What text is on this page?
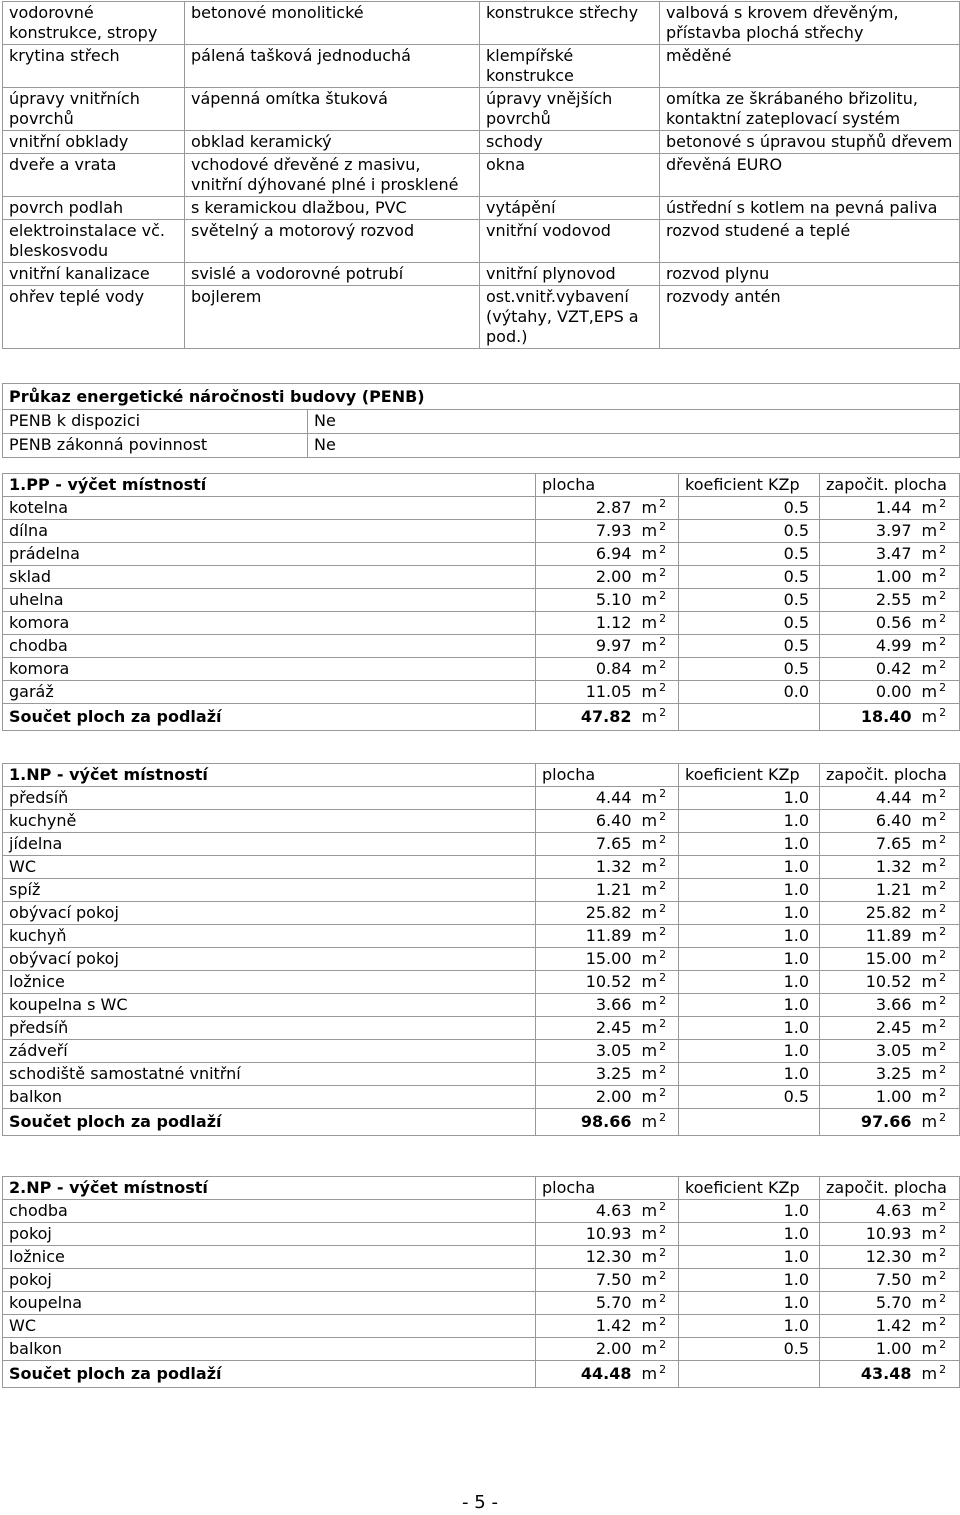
vodorovné konstrukce, stropy	betonové monolitické	konstrukce střechy	valbová s krovem dřevěným, přístavba plochá střechy
krytina střech	pálená tašková jednoduchá	klempířské konstrukce	měděné
úpravy vnitřních povrchů	vápenná omítka štuková	úpravy vnějších povrchů	omítka ze škrábaného břizolitu, kontaktní zateplovací systém
vnitřní obklady	obklad keramický	schody	betonové s úpravou stupňů dřevem
dveře a vrata	vchodové dřevěné z masivu, vnitřní dýhované plné i prosklené	okna	dřevěná EURO
povrch podlah	s keramickou dlažbou, PVC	vytápění	ústřední s kotlem na pevná paliva
elektroinstalace vč. bleskosvodu	světelný a motorový rozvod	vnitřní vodovod	rozvod studené a teplé
vnitřní kanalizace	svislé a vodorovné potrubí	vnitřní plynovod	rozvod plynu
ohřev teplé vody	bojlerem	ost.vnitř.vybavení (výtahy, VZT,EPS a pod.)	rozvody antén
Průkaz energetické náročnosti budovy (PENB)	
PENB k dispozici	Ne
PENB zákonná povinnost	Ne
1.PP - výčet místností	plocha		koeficient KZp	započit. plocha	
kotelna	2.87	m $^2$	0.5	1.44	m $^2$
dílna	7.93	m $^2$	0.5	3.97	m $^2$
prádelna	6.94	m $^2$	0.5	3.47	m $^2$
sklad	2.00	m $^2$	0.5	1.00	m $^2$
uhelna	5.10	m $^2$	0.5	2.55	m $^2$
komora	1.12	m $^2$	0.5	0.56	m $^2$
chodba	9.97	m $^2$	0.5	4.99	m $^2$
komora	0.84	m $^2$	0.5	0.42	m $^2$
garáž	11.05	m $^2$	0.0	0.00	m $^2$
Součet ploch za podlaží	47.82	m $^2$		18.40	m $^2$
1.NP - výčet místností	plocha		koeficient KZp	započit. plocha	
předsíň	4.44	m $^2$	1.0	4.44	m $^2$
kuchyně	6.40	m $^2$	1.0	6.40	m $^2$
jídelna	7.65	m $^2$	1.0	7.65	m $^2$
WC	1.32	m $^2$	1.0	1.32	m $^2$
spíž	1.21	m $^2$	1.0	1.21	m $^2$
obývací pokoj	25.82	m $^2$	1.0	25.82	m $^2$
kuchyň	11.89	m $^2$	1.0	11.89	m $^2$
obývací pokoj	15.00	m $^2$	1.0	15.00	m $^2$
ložnice	10.52	m $^2$	1.0	10.52	m $^2$
koupelna s WC	3.66	m $^2$	1.0	3.66	m $^2$
předsíň	2.45	m $^2$	1.0	2.45	m $^2$
zádveří	3.05	m $^2$	1.0	3.05	m $^2$
schodiště samostatné vnitřní	3.25	m $^2$	1.0	3.25	m $^2$
balkon	2.00	m $^2$	0.5	1.00	m $^2$
Součet ploch za podlaží	98.66	m $^2$		97.66	m $^2$
2.NP - výčet místností	plocha		koeficient KZp	započit. plocha	
chodba	4.63	m $^2$	1.0	4.63	m $^2$
pokoj	10.93	m $^2$	1.0	10.93	m $^2$
ložnice	12.30	m $^2$	1.0	12.30	m $^2$
pokoj	7.50	m $^2$	1.0	7.50	m $^2$
koupelna	5.70	m $^2$	1.0	5.70	m $^2$
WC	1.42	m $^2$	1.0	1.42	m $^2$
balkon	2.00	m $^2$	0.5	1.00	m $^2$
Součet ploch za podlaží	44.48	m $^2$		43.48	m $^2$
- 5 -
